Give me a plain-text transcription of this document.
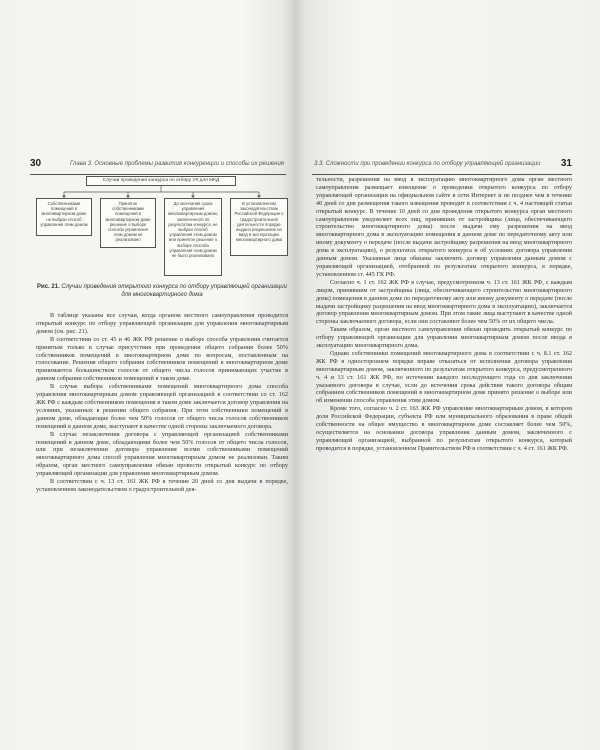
30	Глава 3. Основные проблемы развития конкуренции и способы их решения
Случаи проведения конкурса по отбору УК для МКД
Собственниками помещений в многоквартирном доме не выбран способ управления этим домом
Принятое собственниками помещений в многоквартирном доме решение о выборе способа управления этим домом не реализовано
До окончания срока управления многоквартирным домом, заключенного по результатам конкурса, не выбран способ управления этим домом или принятое решение о выборе способа управления этим домом не было реализовано
В установленном законодательством Российской Федерации о градостроительной деятельности порядке выдано разрешение на ввод в эксплуатацию многоквартирного дома
Рис. 21. Случаи проведения открытого конкурса по отбору управляющей организации для многоквартирного дома

В таблице указаны все случаи, когда органом местного самоуправления проводится открытый конкурс по отбору управляющей организации для управления многоквартирным домом (см. рис. 21).

В соответствии со ст. 45 и 46 ЖК РФ решение о выборе способа управления считается принятым только в случае присутствия при проведении общего собрания более 50% собственников помещений в многоквартирном доме по вопросам, поставленным на голосование. Решения общего собрания собственников помещений в многоквартирном доме принимаются большинством голосов от общего числа голосов принимающих участие в данном собрании собственников помещений в таком доме.

В случае выбора собственниками помещений многоквартирного дома способа управления многоквартирным домом управляющей организацией в соответствии со ст. 162 ЖК РФ с каждым собственником помещения в таком доме заключается договор управления на условиях, указанных в решении общего собрания. При этом собственники помещений в данном доме, обладающие более чем 50% голосов от общего числа голосов собственников помещений в данном доме, выступают в качестве одной стороны заключаемого договора.

В случае незаключения договора с управляющей организацией собственниками помещений в данном доме, обладающими более чем 50% голосов от общего числа голосов, или при незаключении договора управления всеми собственниками помещений многоквартирного дома способ управления многоквартирным домом не реализован. Таким образом, орган местного самоуправления обязан провести открытый конкурс по отбору управляющей организации для управления многоквартирным домом.

В соответствии с ч. 13 ст. 161 ЖК РФ в течение 20 дней со дня выдачи в порядке, установленном законодательством о градостроительной дея-

3.3. Сложности при проведении конкурса по отбору управляющей организации 31

тельности, разрешения на ввод в эксплуатацию многоквартирного дома орган местного самоуправления размещает извещение о проведении открытого конкурса по отбору управляющей организации на официальном сайте в сети Интернет и не позднее чем в течение 40 дней со дня размещения такого извещения проводит в соответствии с ч. 4 настоящей статьи открытый конкурс. В течение 10 дней со дня проведения открытого конкурса орган местного самоуправления уведомляет всех лиц, принявших от застройщика (лица, обеспечивающего строительство многоквартирного дома) после выдачи ему разрешения на ввод многоквартирного дома в эксплуатацию помещения в данном доме по передаточному акту или иному документу о передаче (после выдачи застройщику разрешения на ввод многоквартирного дома в эксплуатацию), о результатах открытого конкурса и об условиях договора управления данным домом. Указанные лица обязаны заключить договор управления данным домом с управляющей организацией, отобранной по результатам открытого конкурса, в порядке, установленном ст. 445 ГК РФ.

Согласно ч. 1 ст. 162 ЖК РФ в случае, предусмотренном ч. 13 ст. 161 ЖК РФ, с каждым лицом, принявшим от застройщика (лица, обеспечивающего строительство многоквартирного дома) помещения в данном доме по передаточному акту или иному документу о передаче (после выдачи застройщику разрешения на ввод многоквартирного дома в эксплуатацию), заключается договор управления многоквартирным домом. При этом такие лица выступают в качестве одной стороны заключаемого договора, если они составляют более чем 50% от их общего числа.

Таким образом, орган местного самоуправления обязан проводить открытый конкурс по отбору управляющей организации для управления многоквартирным домом после ввода в эксплуатацию многоквартирного дома.

Однако собственники помещений многоквартирного дома в соответствии с ч. 8.1 ст. 162 ЖК РФ в одностороннем порядке вправе отказаться от исполнения договора управления многоквартирным домом, заключенного по результатам открытого конкурса, предусмотренного ч. 4 и 13 ст. 161 ЖК РФ, по истечении каждого последующего года со дня заключения указанного договора в случае, если до истечения срока действия такого договора общим собранием собственников помещений в многоквартирном доме принято решение о выборе или об изменении способа управления этим домом.

Кроме того, согласно ч. 2 ст. 163 ЖК РФ управление многоквартирным домом, в котором доля Российской Федерации, субъекта РФ или муниципального образования в праве общей собственности на общее имущество в многоквартирном доме составляет более чем 50%, осуществляется на основании договора управления данным домом, заключенного с управляющей организацией, выбранной по результатам открытого конкурса, который проводится в порядке, установленном Правительством РФ в соответствии с ч. 4 ст. 161 ЖК РФ.
